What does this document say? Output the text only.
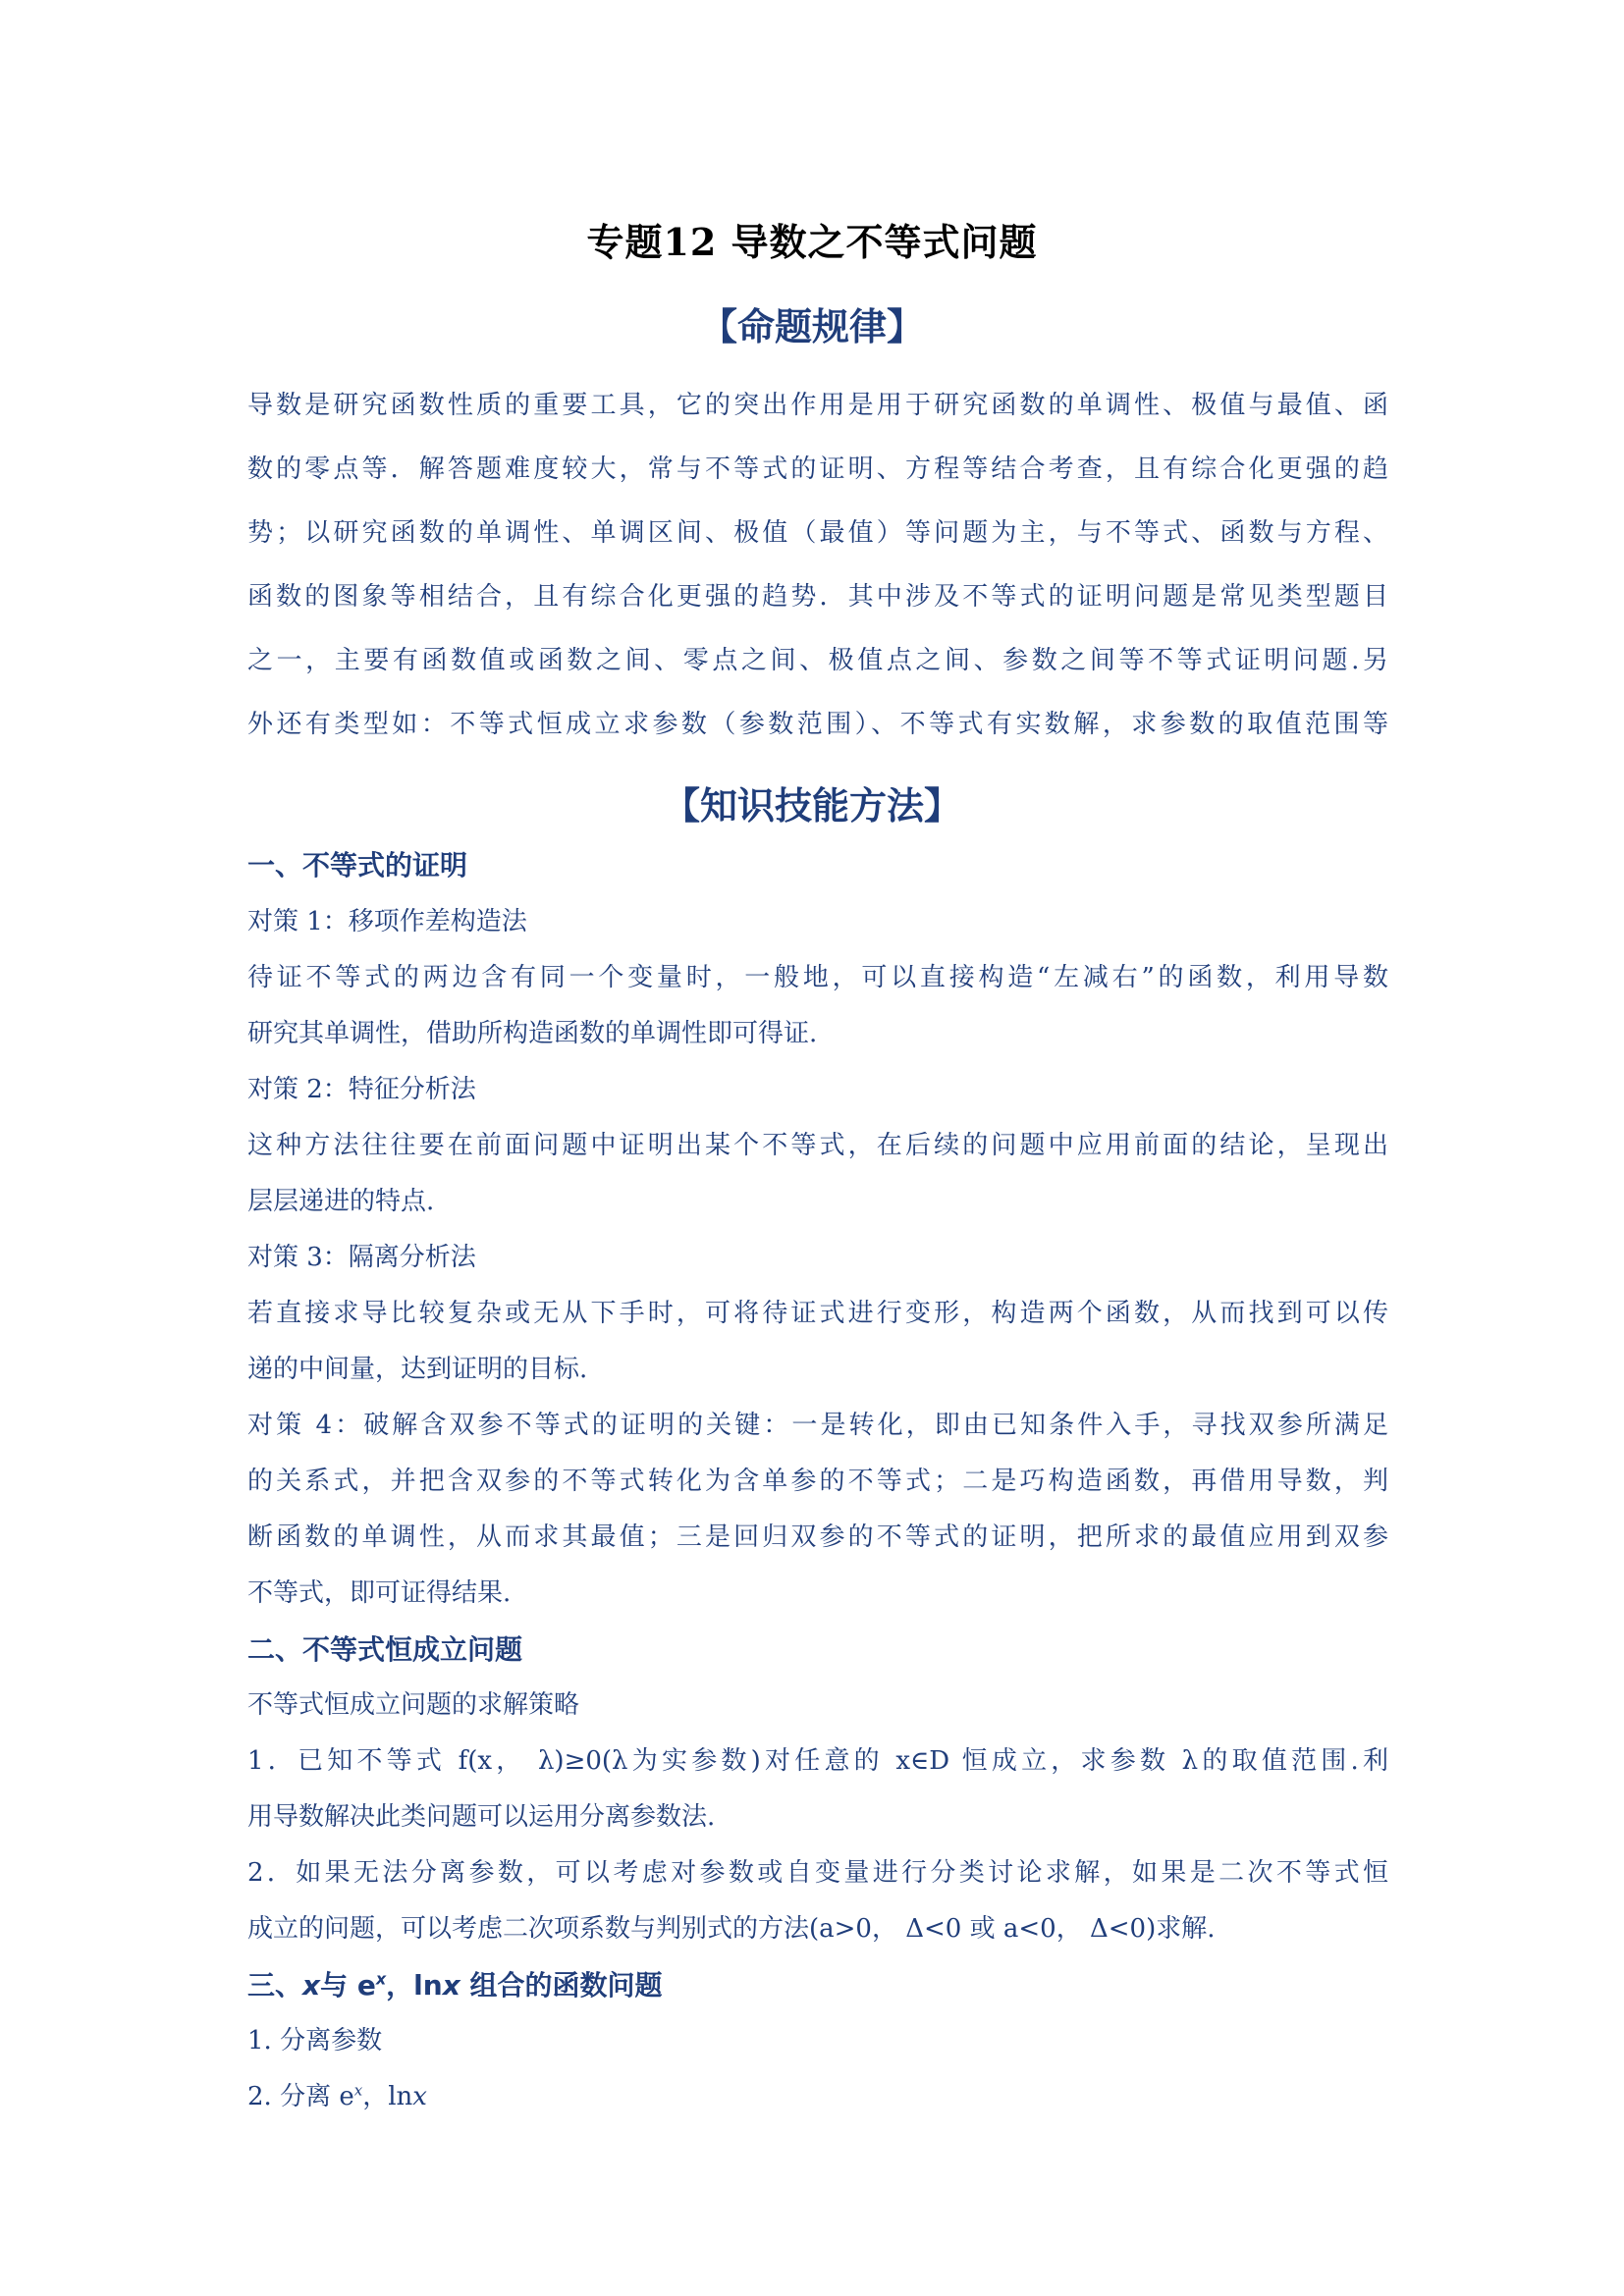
专题12 导数之不等式问题
【命题规律】
导数是研究函数性质的重要工具，它的突出作用是用于研究函数的单调性、极值与最值、函
数的零点等．解答题难度较大，常与不等式的证明、方程等结合考查，且有综合化更强的趋
势；以研究函数的单调性、单调区间、极值（最值）等问题为主，与不等式、函数与方程、
函数的图象等相结合，且有综合化更强的趋势．其中涉及不等式的证明问题是常见类型题目
之一，主要有函数值或函数之间、零点之间、极值点之间、参数之间等不等式证明问题.另
外还有类型如：不等式恒成立求参数（参数范围）、不等式有实数解，求参数的取值范围等
【知识技能方法】
一、不等式的证明
对策 1：移项作差构造法
待证不等式的两边含有同一个变量时，一般地，可以直接构造“左减右”的函数，利用导数
研究其单调性，借助所构造函数的单调性即可得证.
对策 2：特征分析法
这种方法往往要在前面问题中证明出某个不等式，在后续的问题中应用前面的结论，呈现出
层层递进的特点.
对策 3：隔离分析法
若直接求导比较复杂或无从下手时，可将待证式进行变形，构造两个函数，从而找到可以传
递的中间量，达到证明的目标.
对策 4：破解含双参不等式的证明的关键：一是转化，即由已知条件入手，寻找双参所满足
的关系式，并把含双参的不等式转化为含单参的不等式；二是巧构造函数，再借用导数，判
断函数的单调性，从而求其最值；三是回归双参的不等式的证明，把所求的最值应用到双参
不等式，即可证得结果.
二、不等式恒成立问题
不等式恒成立问题的求解策略
1．已知不等式 f(x， λ)≥0(λ为实参数)对任意的 x∈D 恒成立，求参数 λ的取值范围.利
用导数解决此类问题可以运用分离参数法.
2．如果无法分离参数，可以考虑对参数或自变量进行分类讨论求解，如果是二次不等式恒
成立的问题，可以考虑二次项系数与判别式的方法(a>0， Δ<0 或 a<0， Δ<0)求解.
三、x与 $e^x$，lnx 组合的函数问题
1. 分离参数
2. 分离 $e^x$，lnx
